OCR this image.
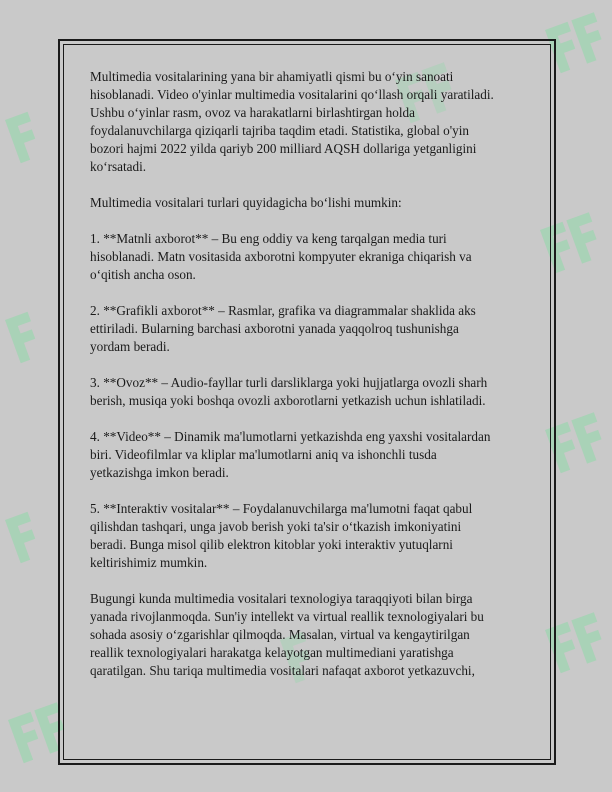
Multimedia vositalarining yana bir ahamiyatli qismi bu o‘yin sanoati
hisoblanadi. Video o'yinlar multimedia vositalarini qo‘llash orqali yaratiladi.
Ushbu o‘yinlar rasm, ovoz va harakatlarni birlashtirgan holda
foydalanuvchilarga qiziqarli tajriba taqdim etadi. Statistika, global o'yin
bozori hajmi 2022 yilda qariyb 200 milliard AQSH dollariga yetganligini
ko‘rsatadi.

Multimedia vositalari turlari quyidagicha bo‘lishi mumkin:

1. **Matnli axborot** – Bu eng oddiy va keng tarqalgan media turi
hisoblanadi. Matn vositasida axborotni kompyuter ekraniga chiqarish va
o‘qitish ancha oson.

2. **Grafikli axborot** – Rasmlar, grafika va diagrammalar shaklida aks
ettiriladi. Bularning barchasi axborotni yanada yaqqolroq tushunishga
yordam beradi.

3. **Ovoz** – Audio-fayllar turli darsliklarga yoki hujjatlarga ovozli sharh
berish, musiqa yoki boshqa ovozli axborotlarni yetkazish uchun ishlatiladi.

4. **Video** – Dinamik ma'lumotlarni yetkazishda eng yaxshi vositalardan
biri. Videofilmlar va kliplar ma'lumotlarni aniq va ishonchli tusda
yetkazishga imkon beradi.

5. **Interaktiv vositalar** – Foydalanuvchilarga ma'lumotni faqat qabul
qilishdan tashqari, unga javob berish yoki ta'sir o‘tkazish imkoniyatini
beradi. Bunga misol qilib elektron kitoblar yoki interaktiv yutuqlarni
keltirishimiz mumkin.

Bugungi kunda multimedia vositalari texnologiya taraqqiyoti bilan birga
yanada rivojlanmoqda. Sun'iy intellekt va virtual reallik texnologiyalari bu
sohada asosiy o‘zgarishlar qilmoqda. Masalan, virtual va kengaytirilgan
reallik texnologiyalari harakatga kelayotgan multimediani yaratishga
qaratilgan. Shu tariqa multimedia vositalari nafaqat axborot yetkazuvchi,
